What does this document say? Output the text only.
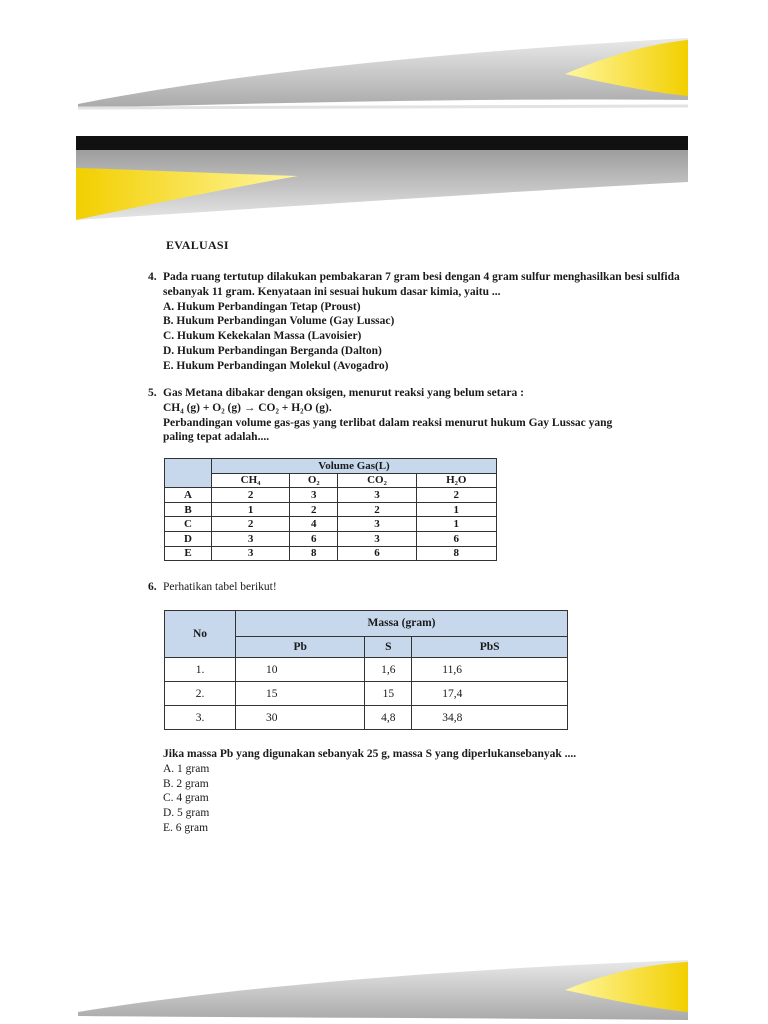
EVALUASI
4. Pada ruang tertutup dilakukan pembakaran 7 gram besi dengan 4 gram sulfur menghasilkan besi sulfida sebanyak 11 gram. Kenyataan ini sesuai hukum dasar kimia, yaitu ...

A. Hukum Perbandingan Tetap (Proust)
B. Hukum Perbandingan Volume (Gay Lussac)
C. Hukum Kekekalan Massa (Lavoisier)
D. Hukum Perbandingan Berganda (Dalton)
E. Hukum Perbandingan Molekul (Avogadro)
5. Gas Metana dibakar dengan oksigen, menurut reaksi yang belum setara :

CH₄ (g) + O₂ (g) → CO₂ + H₂O (g).

Perbandingan volume gas-gas yang terlibat dalam reaksi menurut hukum Gay Lussac yang paling tepat adalah....

	Volume Gas(L)			
	CH₄	O₂	CO₂	H₂O
A	2	3	3	2
B	1	2	2	1
C	2	4	3	1
D	3	6	3	6
E	3	8	6	8
6. Perhatikan tabel berikut!
No	Massa (gram)		
	Pb	S	PbS
1.	10	1,6	11,6
2.	15	15	17,4
3.	30	4,8	34,8

Jika massa Pb yang digunakan sebanyak 25 g, massa S yang diperlukansebanyak ....

A. 1 gram
B. 2 gram
C. 4 gram
D. 5 gram
E. 6 gram
